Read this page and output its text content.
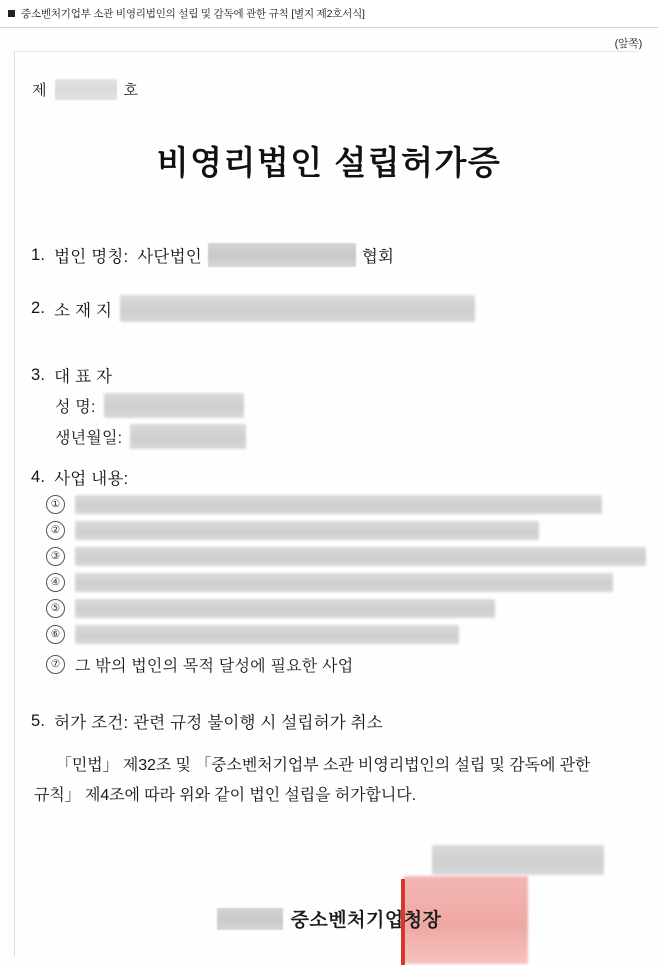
중소벤처기업부 소관 비영리법인의 설립 및 감독에 관한 규칙 [별지 제2호서식]
(앞쪽)
제	호
비영리법인 설립허가증
1. 법인 명칭: 사단법인	협회
2. 소 재 지
3. 대 표 자
성 명:
생년월일:
4. 사업 내용:
①
②
③
④
⑤
⑥
⑦ 그 밖의 법인의 목적 달성에 필요한 사업
5. 허가 조건: 관련 규정 불이행 시 설립허가 취소
「민법」 제32조 및 「중소벤처기업부 소관 비영리법인의 설립 및 감독에 관한
규칙」 제4조에 따라 위와 같이 법인 설립을 허가합니다.
중소벤처기업청장
